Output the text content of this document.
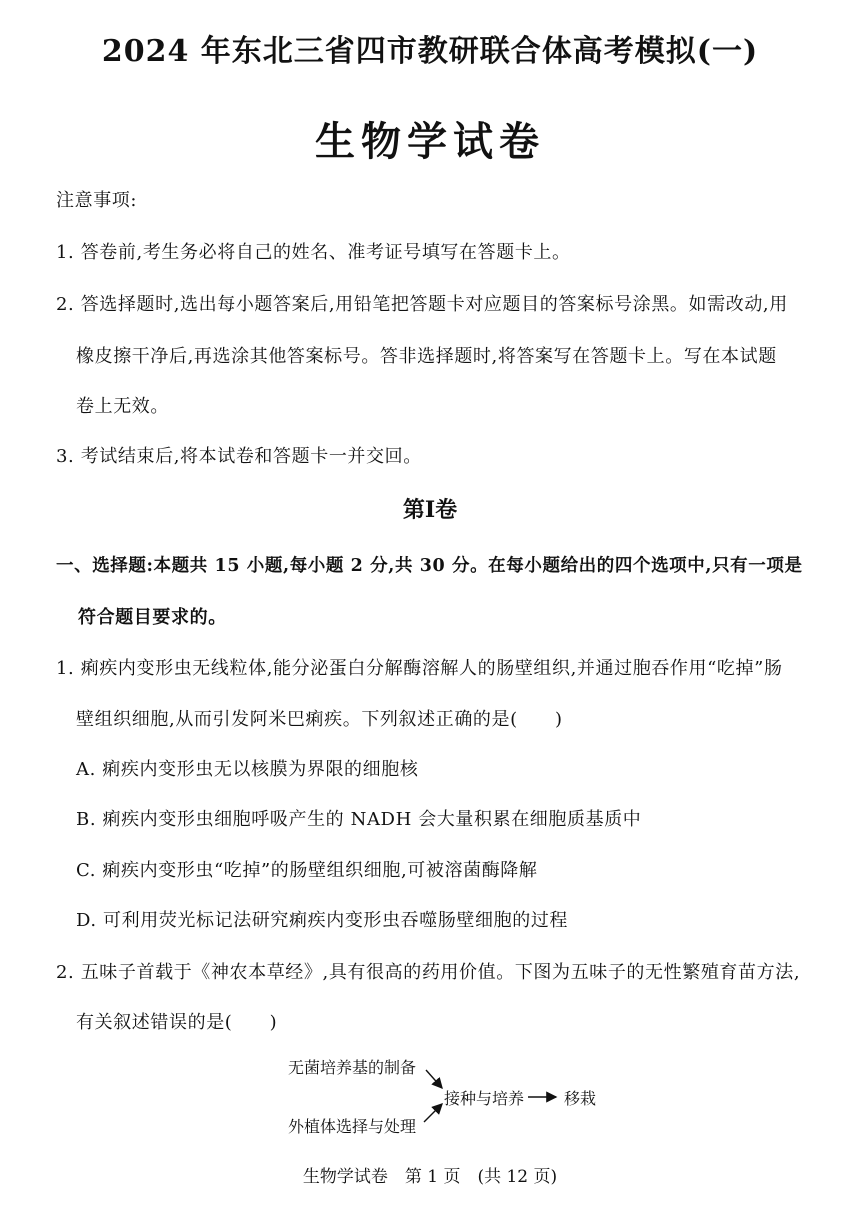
2024 年东北三省四市教研联合体高考模拟(一)
生物学试卷
注意事项:
1. 答卷前,考生务必将自己的姓名、准考证号填写在答题卡上。
2. 答选择题时,选出每小题答案后,用铅笔把答题卡对应题目的答案标号涂黑。如需改动,用
橡皮擦干净后,再选涂其他答案标号。答非选择题时,将答案写在答题卡上。写在本试题
卷上无效。
3. 考试结束后,将本试卷和答题卡一并交回。
第Ⅰ卷
一、选择题:本题共 15 小题,每小题 2 分,共 30 分。在每小题给出的四个选项中,只有一项是
符合题目要求的。
1. 痢疾内变形虫无线粒体,能分泌蛋白分解酶溶解人的肠壁组织,并通过胞吞作用“吃掉”肠
壁组织细胞,从而引发阿米巴痢疾。下列叙述正确的是(　　)
A. 痢疾内变形虫无以核膜为界限的细胞核
B. 痢疾内变形虫细胞呼吸产生的 NADH 会大量积累在细胞质基质中
C. 痢疾内变形虫“吃掉”的肠壁组织细胞,可被溶菌酶降解
D. 可利用荧光标记法研究痢疾内变形虫吞噬肠壁细胞的过程
2. 五味子首载于《神农本草经》,具有很高的药用价值。下图为五味子的无性繁殖育苗方法,
有关叙述错误的是(　　)
无菌培养基的制备
外植体选择与处理
接种与培养 移栽
生物学试卷　第 1 页　(共 12 页)
